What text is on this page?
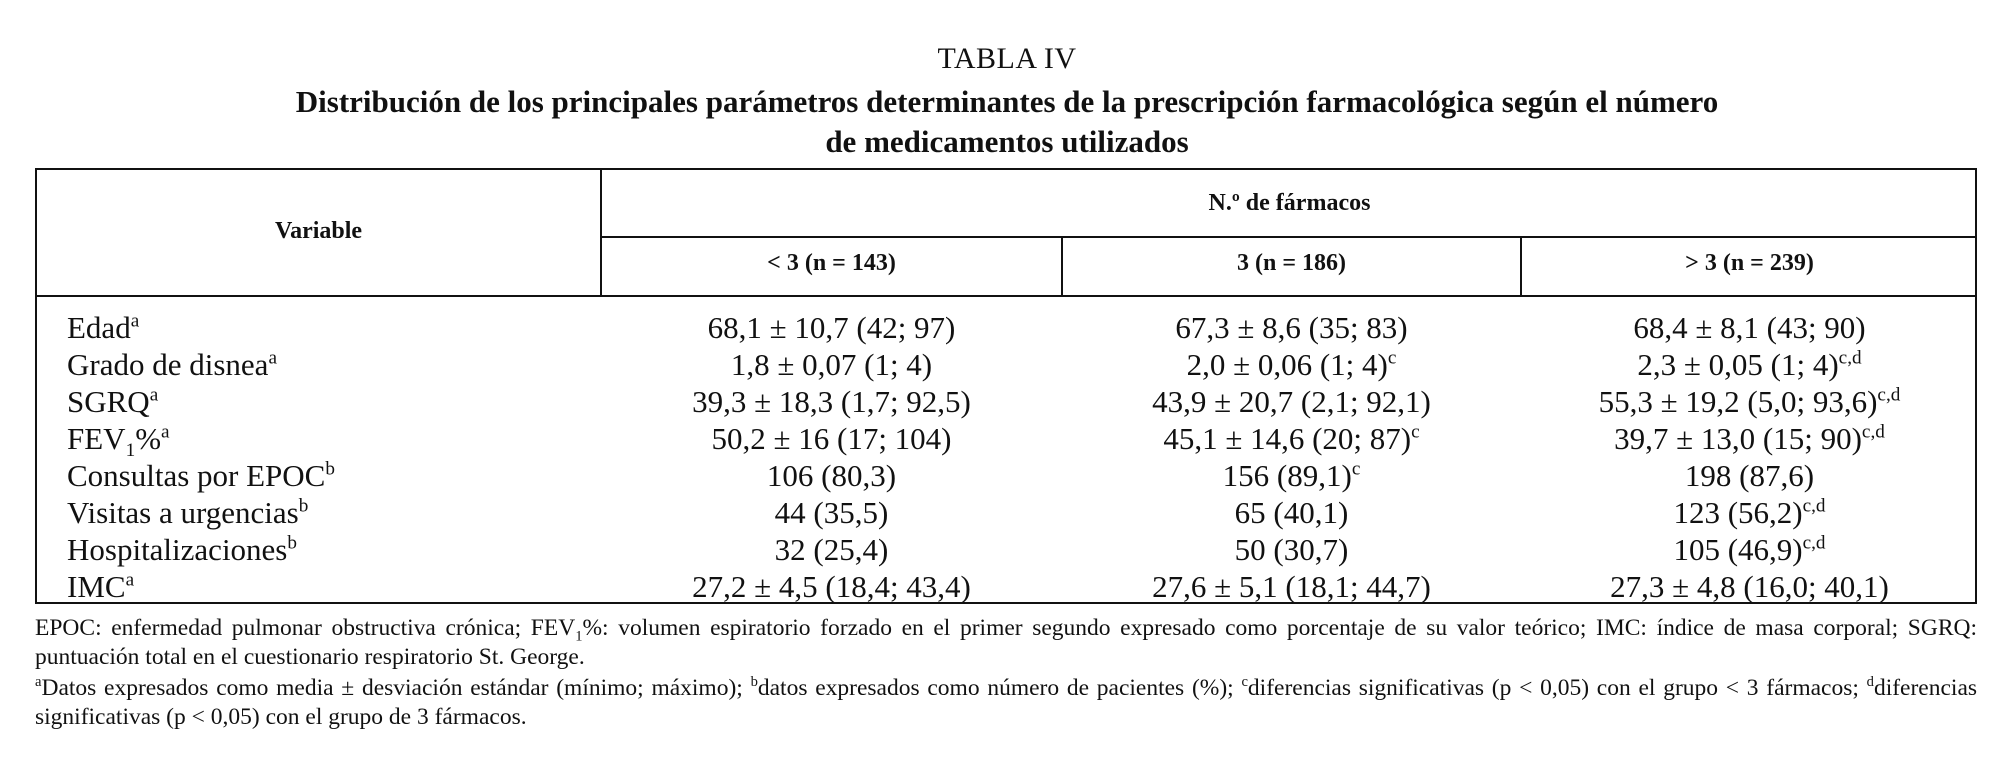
TABLA IV
Distribución de los principales parámetros determinantes de la prescripción farmacológica según el número
de medicamentos utilizados
Variable
N.º de fármacos
< 3 (n = 143)	3 (n = 186)	> 3 (n = 239)
Edad$^a$	68,1 ± 10,7 (42; 97)	67,3 ± 8,6 (35; 83)	68,4 ± 8,1 (43; 90)
Grado de disnea$^a$	1,8 ± 0,07 (1; 4)	2,0 ± 0,06 (1; 4)$^c$	2,3 ± 0,05 (1; 4)$^{c,d}$
SGRQ$^a$	39,3 ± 18,3 (1,7; 92,5)	43,9 ± 20,7 (2,1; 92,1)	55,3 ± 19,2 (5,0; 93,6)$^{c,d}$
$FEV_1\%^a$	50,2 ± 16 (17; 104)	45,1 ± 14,6 (20; 87)$^c$	39,7 ± 13,0 (15; 90)$^{c,d}$
Consultas por EPOC$^b$	106 (80,3)	156 $(89,1)^c$	198 (87,6)
Visitas a urgencias$^b$	44 (35,5)	65 (40,1)	123 $(56,2)^{c,d}$
Hospitalizaciones$^b$	32 (25,4)	50 (30,7)	105 $(46,9)^{c,d}$
IMC$^a$	27,2 ± 4,5 (18,4; 43,4)	27,6 ± 5,1 (18,1; 44,7)	27,3 ± 4,8 (16,0; 40,1)
EPOC: enfermedad pulmonar obstructiva crónica; $FEV_1\%$: volumen espiratorio forzado en el primer segundo expresado como porcentaje de su valor teórico; IMC: índice de masa corporal; SGRQ: puntuación total en el cuestionario respiratorio St. George.
$^a$Datos expresados como media ± desviación estándar (mínimo; máximo); $^b$datos expresados como número de pacientes (%); $^c$diferencias significativas (p < 0,05) con el grupo < 3 fármacos; $^d$diferencias significativas (p < 0,05) con el grupo de 3 fármacos.
